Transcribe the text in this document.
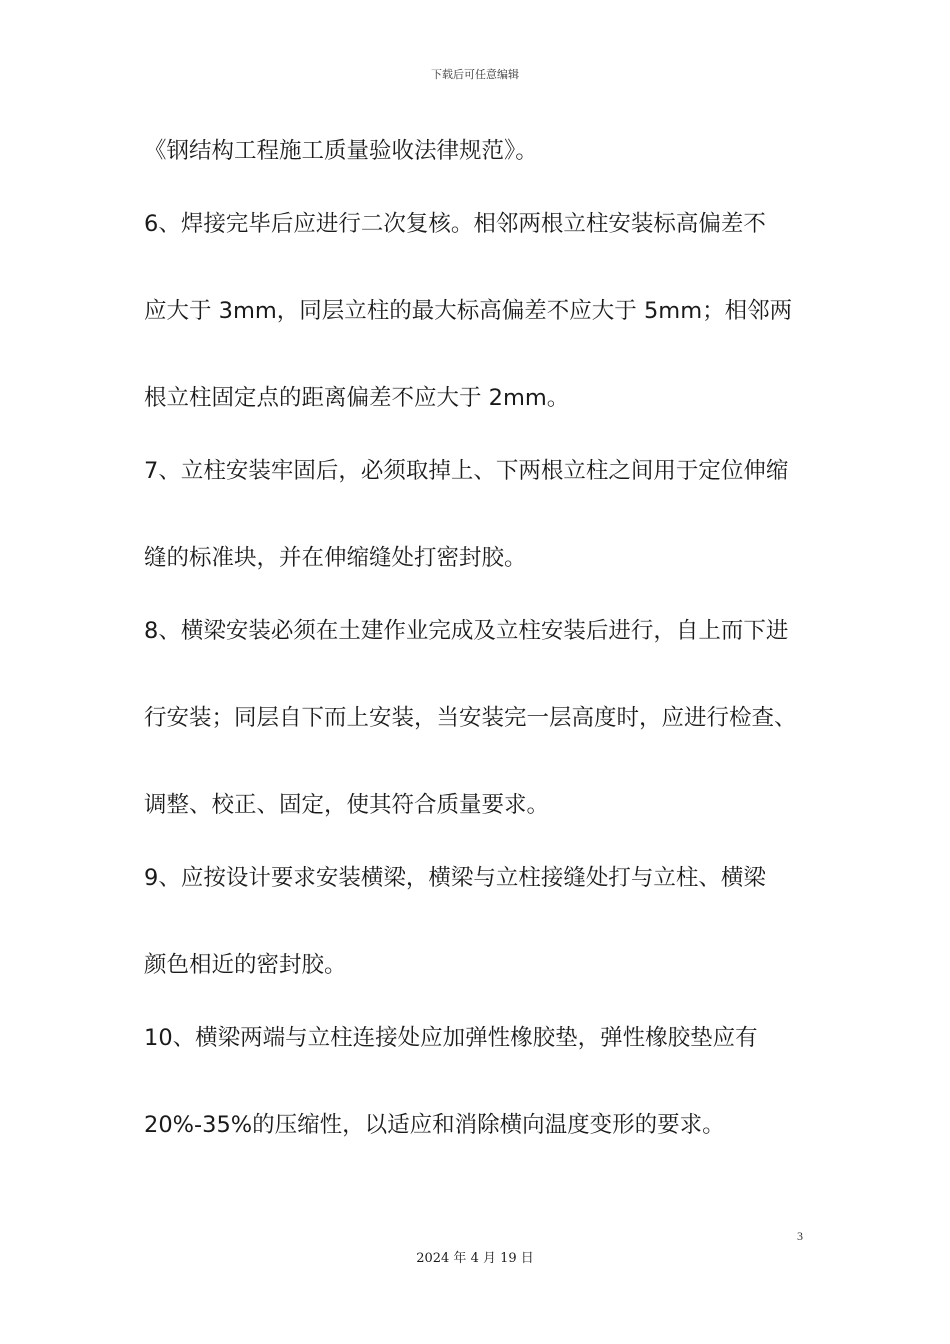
下载后可任意编辑
《钢结构工程施工质量验收法律规范》。
6、焊接完毕后应进行二次复核。相邻两根立柱安装标高偏差不
应大于 3mm，同层立柱的最大标高偏差不应大于 5mm；相邻两
根立柱固定点的距离偏差不应大于 2mm。
7、立柱安装牢固后，必须取掉上、下两根立柱之间用于定位伸缩
缝的标准块，并在伸缩缝处打密封胶。
8、横梁安装必须在土建作业完成及立柱安装后进行，自上而下进
行安装；同层自下而上安装，当安装完一层高度时，应进行检查、
调整、校正、固定，使其符合质量要求。
9、应按设计要求安装横梁，横梁与立柱接缝处打与立柱、横梁
颜色相近的密封胶。
10、横梁两端与立柱连接处应加弹性橡胶垫，弹性橡胶垫应有
20%-35%的压缩性，以适应和消除横向温度变形的要求。
3
2024 年 4 月 19 日
